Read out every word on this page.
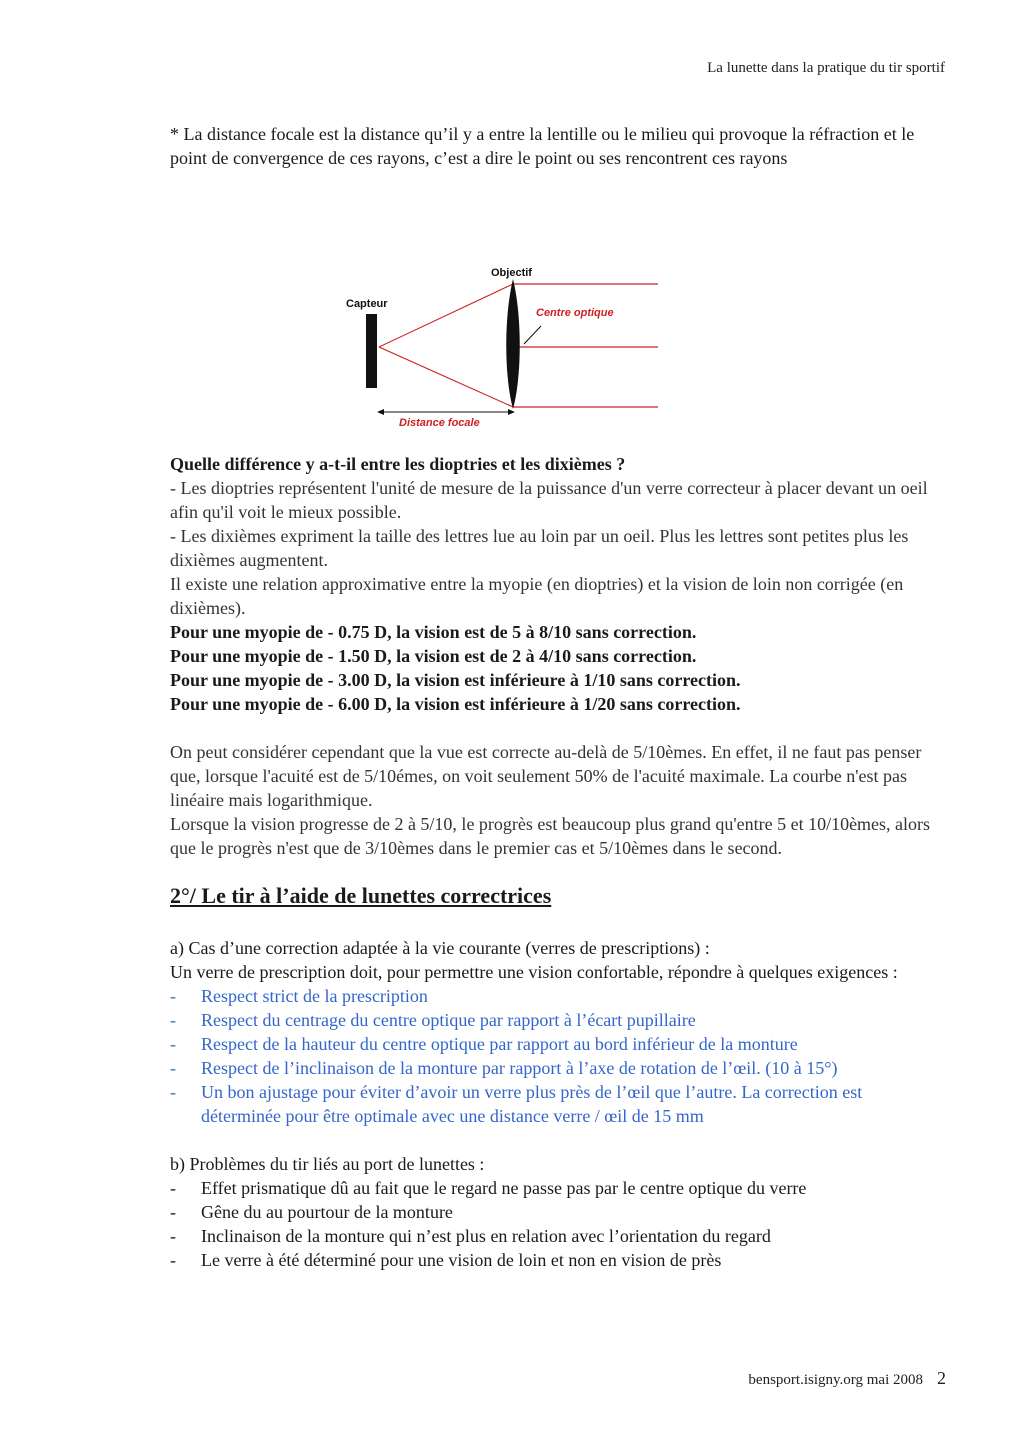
La lunette dans la pratique du tir sportif

* La distance focale est la distance qu’il y a entre la lentille ou le milieu qui provoque la réfraction et le point de convergence de ces rayons, c’est a dire le point ou ses rencontrent ces rayons

Objectif
Capteur
Centre optique
Distance focale

Quelle différence y a-t-il entre les dioptries et les dixièmes ?

- Les dioptries représentent l'unité de mesure de la puissance d'un verre correcteur à placer devant un oeil afin qu'il voit le mieux possible.

- Les dixièmes expriment la taille des lettres lue au loin par un oeil. Plus les lettres sont petites plus les dixièmes augmentent.

Il existe une relation approximative entre la myopie (en dioptries) et la vision de loin non corrigée (en dixièmes).

Pour une myopie de - 0.75 D, la vision est de 5 à 8/10 sans correction.

Pour une myopie de - 1.50 D, la vision est de 2 à 4/10 sans correction.

Pour une myopie de - 3.00 D, la vision est inférieure à 1/10 sans correction.

Pour une myopie de - 6.00 D, la vision est inférieure à 1/20 sans correction.

On peut considérer cependant que la vue est correcte au-delà de 5/10èmes. En effet, il ne faut pas penser que, lorsque l'acuité est de 5/10émes, on voit seulement 50% de l'acuité maximale. La courbe n'est pas linéaire mais logarithmique.

Lorsque la vision progresse de 2 à 5/10, le progrès est beaucoup plus grand qu'entre 5 et 10/10èmes, alors que le progrès n'est que de 3/10èmes dans le premier cas et 5/10èmes dans le second.

2°/ Le tir à l’aide de lunettes correctrices

a) Cas d’une correction adaptée à la vie courante (verres de prescriptions) :

Un verre de prescription doit, pour permettre une vision confortable, répondre à quelques exigences :

- Respect strict de la prescription
- Respect du centrage du centre optique par rapport à l’écart pupillaire
- Respect de la hauteur du centre optique par rapport au bord inférieur de la monture
- Respect de l’inclinaison de la monture par rapport à l’axe de rotation de l’œil. (10 à 15°)
- Un bon ajustage pour éviter d’avoir un verre plus près de l’œil que l’autre. La correction est déterminée pour être optimale avec une distance verre / œil de 15 mm

b) Problèmes du tir liés au port de lunettes :

- Effet prismatique dû au fait que le regard ne passe pas par le centre optique du verre
- Gêne du au pourtour de la monture
- Inclinaison de la monture qui n’est plus en relation avec l’orientation du regard
- Le verre à été déterminé pour une vision de loin et non en vision de près
bensport.isigny.org mai 2008 2
